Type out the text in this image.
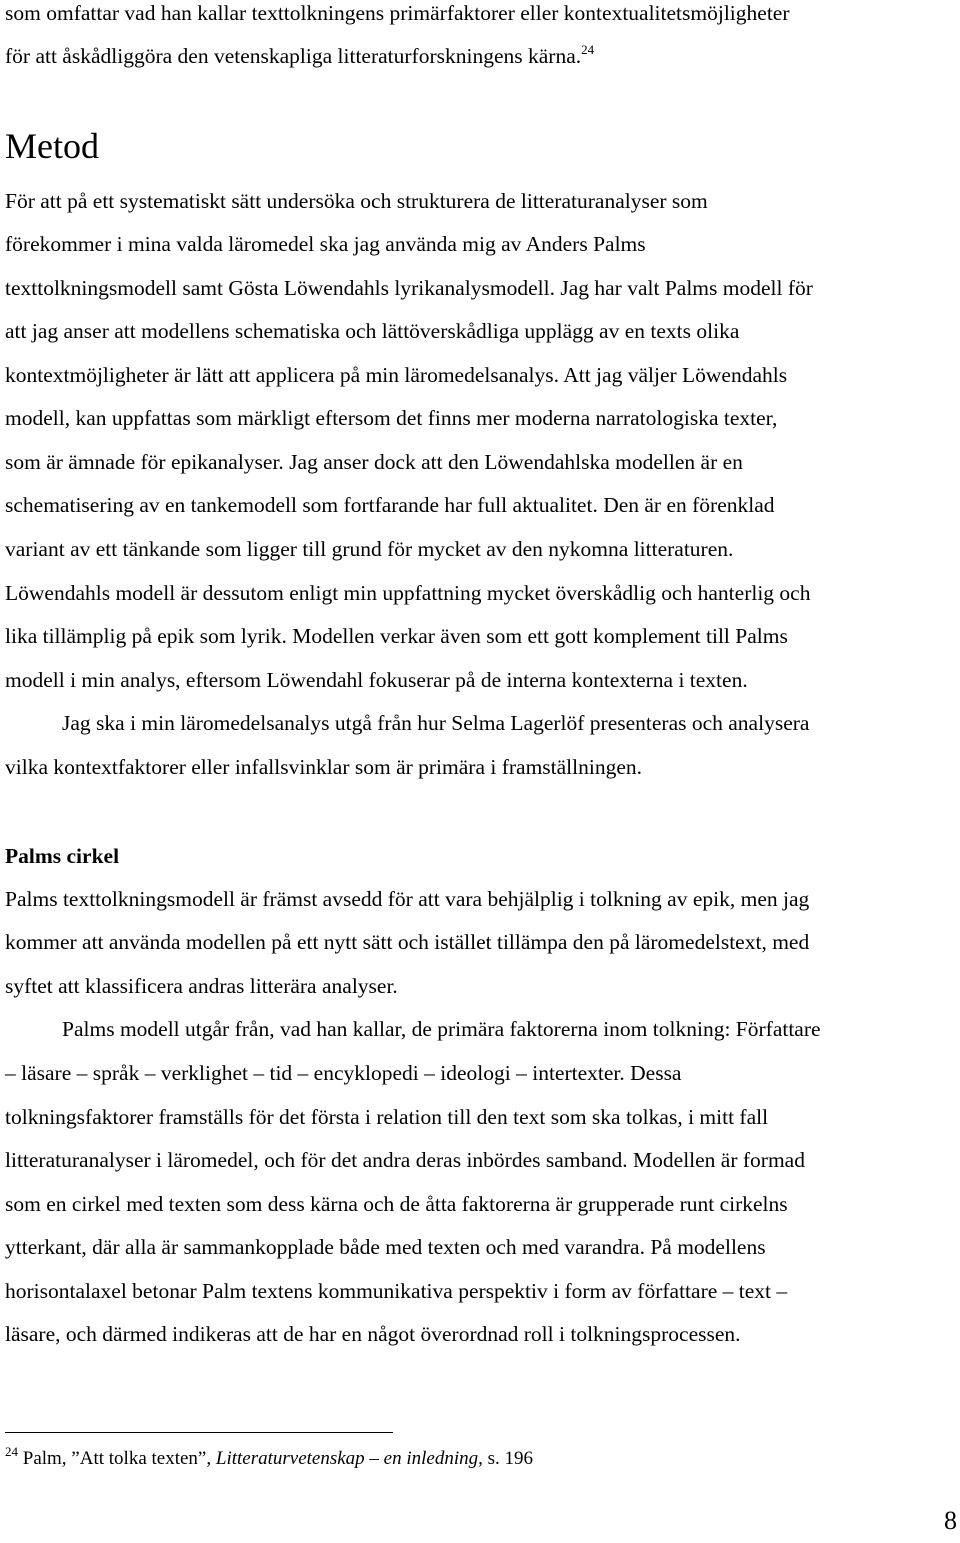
som omfattar vad han kallar texttolkningens primärfaktorer eller kontextualitetsmöjligheter
för att åskådliggöra den vetenskapliga litteraturforskningens kärna.$^{24}$
Metod
För att på ett systematiskt sätt undersöka och strukturera de litteraturanalyser som
förekommer i mina valda läromedel ska jag använda mig av Anders Palms
texttolkningsmodell samt Gösta Löwendahls lyrikanalysmodell. Jag har valt Palms modell för
att jag anser att modellens schematiska och lättöverskådliga upplägg av en texts olika
kontextmöjligheter är lätt att applicera på min läromedelsanalys. Att jag väljer Löwendahls
modell, kan uppfattas som märkligt eftersom det finns mer moderna narratologiska texter,
som är ämnade för epikanalyser. Jag anser dock att den Löwendahlska modellen är en
schematisering av en tankemodell som fortfarande har full aktualitet. Den är en förenklad
variant av ett tänkande som ligger till grund för mycket av den nykomna litteraturen.
Löwendahls modell är dessutom enligt min uppfattning mycket överskådlig och hanterlig och
lika tillämplig på epik som lyrik. Modellen verkar även som ett gott komplement till Palms
modell i min analys, eftersom Löwendahl fokuserar på de interna kontexterna i texten.
Jag ska i min läromedelsanalys utgå från hur Selma Lagerlöf presenteras och analysera
vilka kontextfaktorer eller infallsvinklar som är primära i framställningen.
Palms cirkel
Palms texttolkningsmodell är främst avsedd för att vara behjälplig i tolkning av epik, men jag
kommer att använda modellen på ett nytt sätt och istället tillämpa den på läromedelstext, med
syftet att klassificera andras litterära analyser.
Palms modell utgår från, vad han kallar, de primära faktorerna inom tolkning: Författare
– läsare – språk – verklighet – tid – encyklopedi – ideologi – intertexter. Dessa
tolkningsfaktorer framställs för det första i relation till den text som ska tolkas, i mitt fall
litteraturanalyser i läromedel, och för det andra deras inbördes samband. Modellen är formad
som en cirkel med texten som dess kärna och de åtta faktorerna är grupperade runt cirkelns
ytterkant, där alla är sammankopplade både med texten och med varandra. På modellens
horisontalaxel betonar Palm textens kommunikativa perspektiv i form av författare – text –
läsare, och därmed indikeras att de har en något överordnad roll i tolkningsprocessen.
$^{24}$ Palm, ”Att tolka texten”, Litteraturvetenskap – en inledning, s. 196
8
